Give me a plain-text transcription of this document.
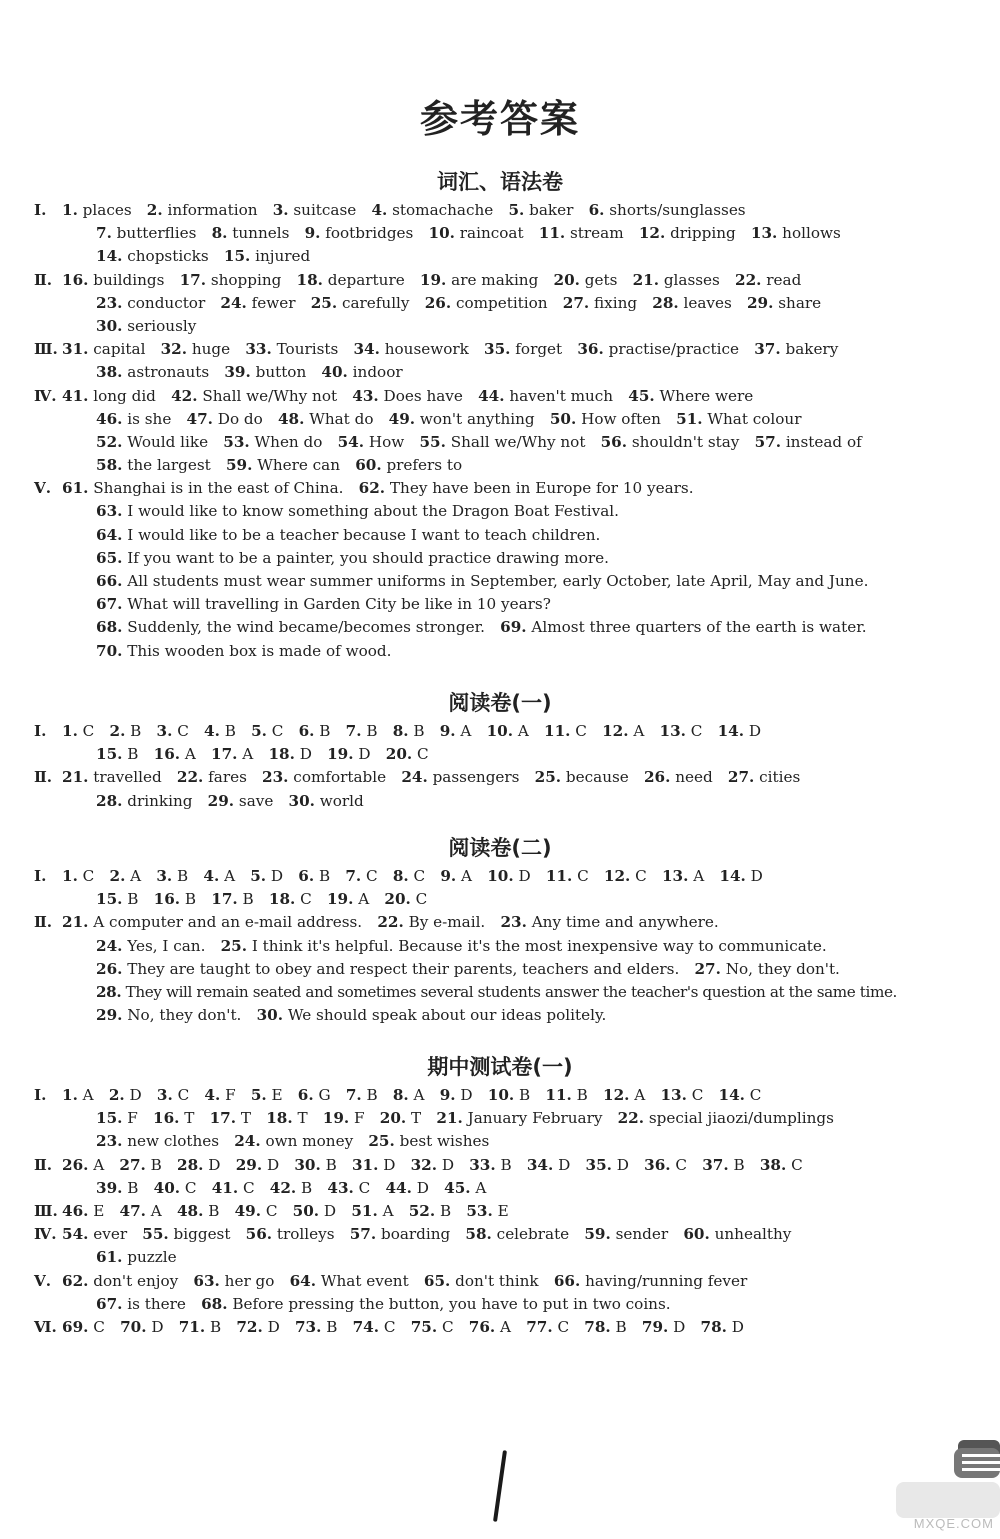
参考答案
词汇、语法卷
Ⅰ.	1. places  2. information  3. suitcase  4. stomachache  5. baker  6. shorts/sunglasses
7. butterflies  8. tunnels  9. footbridges  10. raincoat  11. stream  12. dripping  13. hollows
14. chopsticks  15. injured
Ⅱ. 16. buildings  17. shopping  18. departure  19. are making  20. gets  21. glasses  22. read
23. conductor  24. fewer  25. carefully  26. competition  27. fixing  28. leaves  29. share
30. seriously
Ⅲ. 31. capital  32. huge  33. Tourists  34. housework  35. forget  36. practise/practice  37. bakery
38. astronauts  39. button  40. indoor
Ⅳ. 41. long did  42. Shall we/Why not  43. Does have  44. haven't much  45. Where were
46. is she  47. Do do  48. What do  49. won't anything  50. How often  51. What colour
52. Would like  53. When do  54. How  55. Shall we/Why not  56. shouldn't stay  57. instead of
58. the largest  59. Where can  60. prefers to
Ⅴ. 61. Shanghai is in the east of China.  62. They have been in Europe for 10 years.
63. I would like to know something about the Dragon Boat Festival.
64. I would like to be a teacher because I want to teach children.
65. If you want to be a painter, you should practice drawing more.
66. All students must wear summer uniforms in September, early October, late April, May and June.
67. What will travelling in Garden City be like in 10 years?
68. Suddenly, the wind became/becomes stronger.  69. Almost three quarters of the earth is water.
70. This wooden box is made of wood.
阅读卷(一)
Ⅰ.	1. C  2. B  3. C  4. B  5. C  6. B  7. B  8. B  9. A  10. A  11. C  12. A  13. C  14. D
15. B  16. A  17. A  18. D  19. D  20. C
Ⅱ. 21. travelled  22. fares  23. comfortable  24. passengers  25. because  26. need  27. cities
28. drinking  29. save  30. world
阅读卷(二)
Ⅰ.	1. C  2. A  3. B  4. A  5. D  6. B  7. C  8. C  9. A  10. D  11. C  12. C  13. A  14. D
15. B  16. B  17. B  18. C  19. A  20. C
Ⅱ. 21. A computer and an e-mail address.  22. By e-mail.  23. Any time and anywhere.
24. Yes, I can.  25. I think it's helpful. Because it's the most inexpensive way to communicate.
26. They are taught to obey and respect their parents, teachers and elders.  27. No, they don't.
28. They will remain seated and sometimes several students answer the teacher's question at the same time.
29. No, they don't.  30. We should speak about our ideas politely.
期中测试卷(一)
Ⅰ.	1. A  2. D  3. C  4. F  5. E  6. G  7. B  8. A  9. D  10. B  11. B  12. A  13. C  14. C
15. F  16. T  17. T  18. T  19. F  20. T  21. January February  22. special jiaozi/dumplings
23. new clothes  24. own money  25. best wishes
Ⅱ. 26. A  27. B  28. D  29. D  30. B  31. D  32. D  33. B  34. D  35. D  36. C  37. B  38. C
39. B  40. C  41. C  42. B  43. C  44. D  45. A
Ⅲ. 46. E  47. A  48. B  49. C  50. D  51. A  52. B  53. E
Ⅳ. 54. ever  55. biggest  56. trolleys  57. boarding  58. celebrate  59. sender  60. unhealthy
61. puzzle
Ⅴ. 62. don't enjoy  63. her go  64. What event  65. don't think  66. having/running fever
67. is there  68. Before pressing the button, you have to put in two coins.
Ⅵ. 69. C  70. D  71. B  72. D  73. B  74. C  75. C  76. A  77. C  78. B  79. D  78. D
MXQE.COM
